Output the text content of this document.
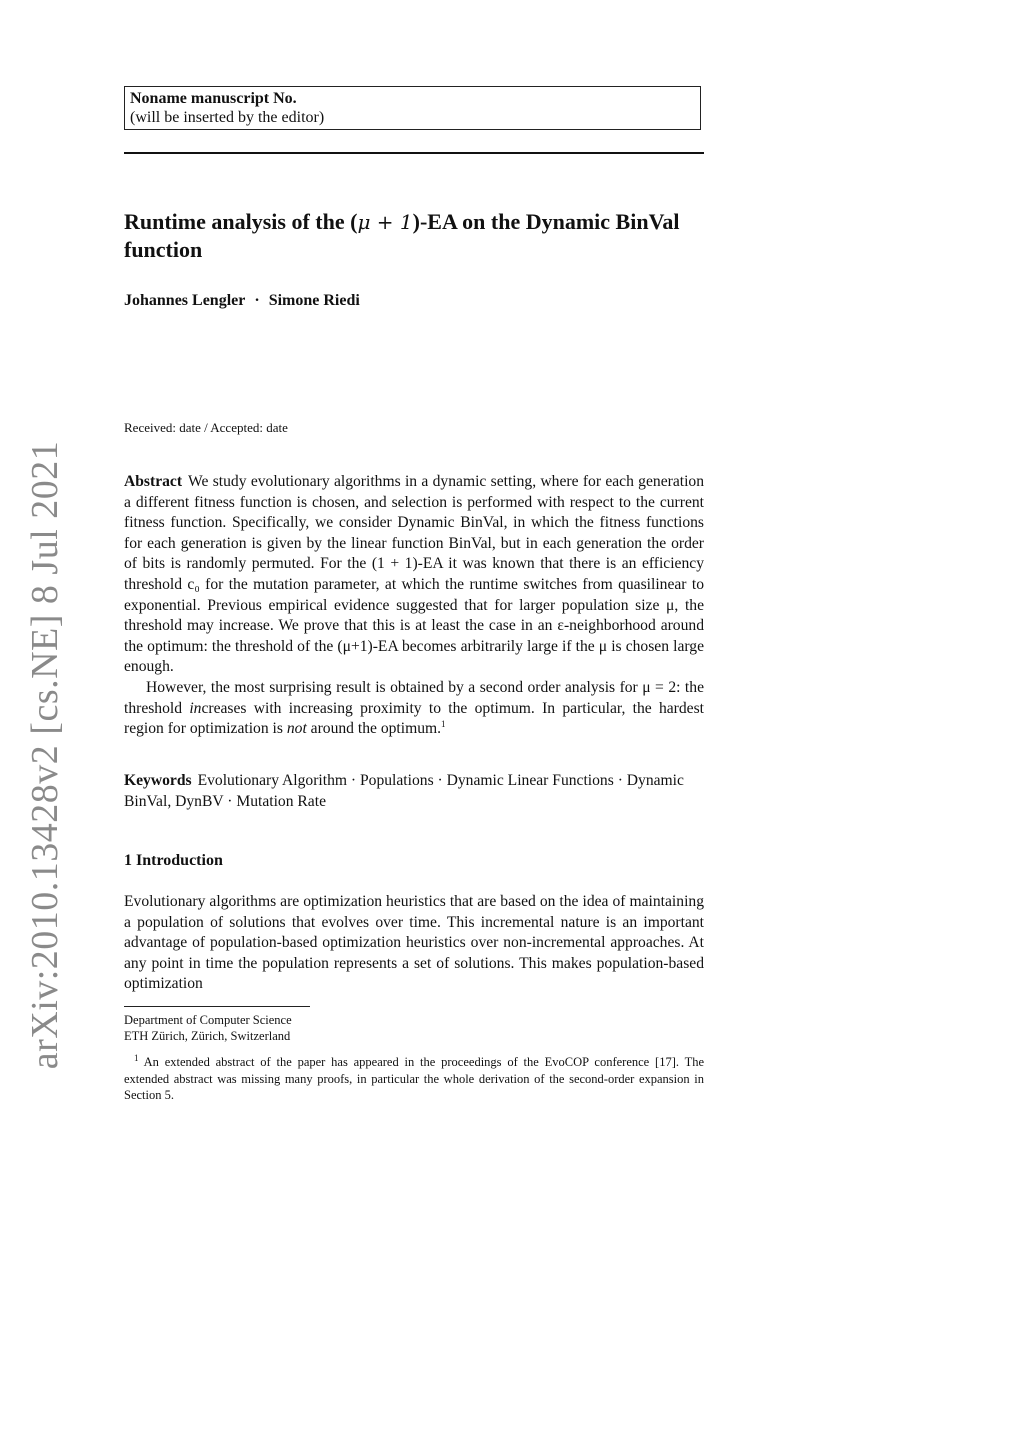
arXiv:2010.13428v2 [cs.NE] 8 Jul 2021
Noname manuscript No.
(will be inserted by the editor)
Runtime analysis of the (μ + 1)-EA on the Dynamic BinVal function
Johannes Lengler · Simone Riedi
Received: date / Accepted: date

Abstract We study evolutionary algorithms in a dynamic setting, where for each generation a different fitness function is chosen, and selection is performed with respect to the current fitness function. Specifically, we consider Dynamic BinVal, in which the fitness functions for each generation is given by the linear function BinVal, but in each generation the order of bits is randomly permuted. For the (1 + 1)-EA it was known that there is an efficiency threshold c₀ for the mutation parameter, at which the runtime switches from quasilinear to exponential. Previous empirical evidence suggested that for larger population size μ, the threshold may increase. We prove that this is at least the case in an ε-neighborhood around the optimum: the threshold of the (μ+1)-EA becomes arbitrarily large if the μ is chosen large enough.

However, the most surprising result is obtained by a second order analysis for μ = 2: the threshold increases with increasing proximity to the optimum. In particular, the hardest region for optimization is not around the optimum.$^1$

Keywords Evolutionary Algorithm · Populations · Dynamic Linear Functions · Dynamic BinVal, DynBV · Mutation Rate

1 Introduction

Evolutionary algorithms are optimization heuristics that are based on the idea of maintaining a population of solutions that evolves over time. This incremental nature is an important advantage of population-based optimization heuristics over non-incremental approaches. At any point in time the population represents a set of solutions. This makes population-based optimization

Department of Computer Science
ETH Zürich, Zürich, Switzerland
$^1$ An extended abstract of the paper has appeared in the proceedings of the EvoCOP conference [17]. The extended abstract was missing many proofs, in particular the whole derivation of the second-order expansion in Section 5.
